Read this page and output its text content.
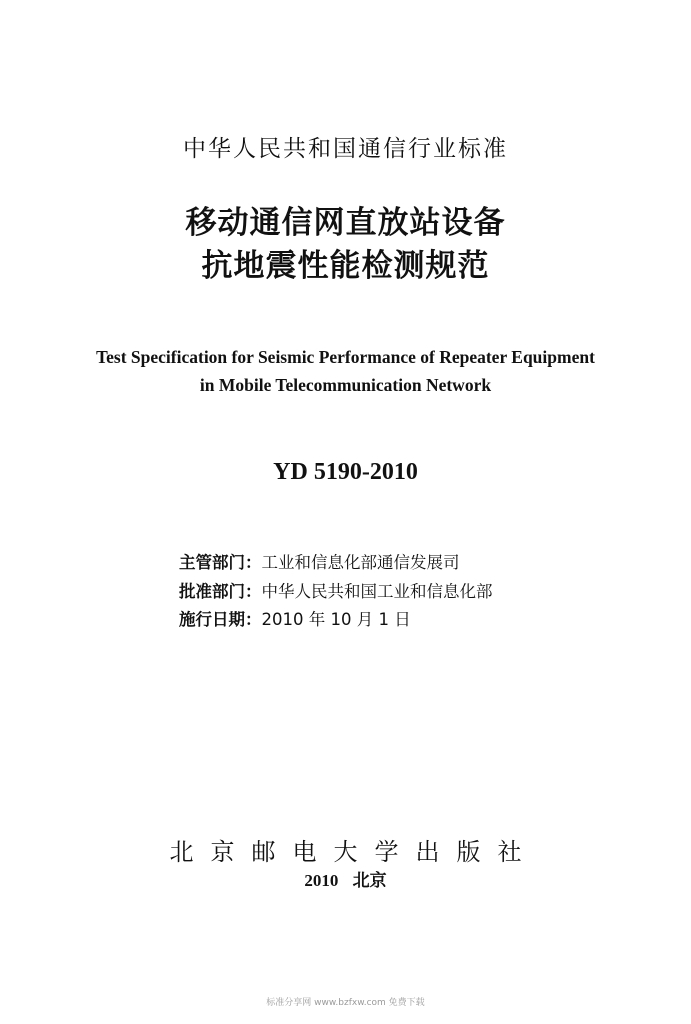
中华人民共和国通信行业标准
移动通信网直放站设备
抗地震性能检测规范
Test Specification for Seismic Performance of Repeater Equipment
in Mobile Telecommunication Network
YD 5190-2010
主管部门：工业和信息化部通信发展司
批准部门：中华人民共和国工业和信息化部
施行日期：2010 年 10 月 1 日
北京邮电大学出版社
2010 北京
标准分享网 www.bzfxw.com 免费下载
